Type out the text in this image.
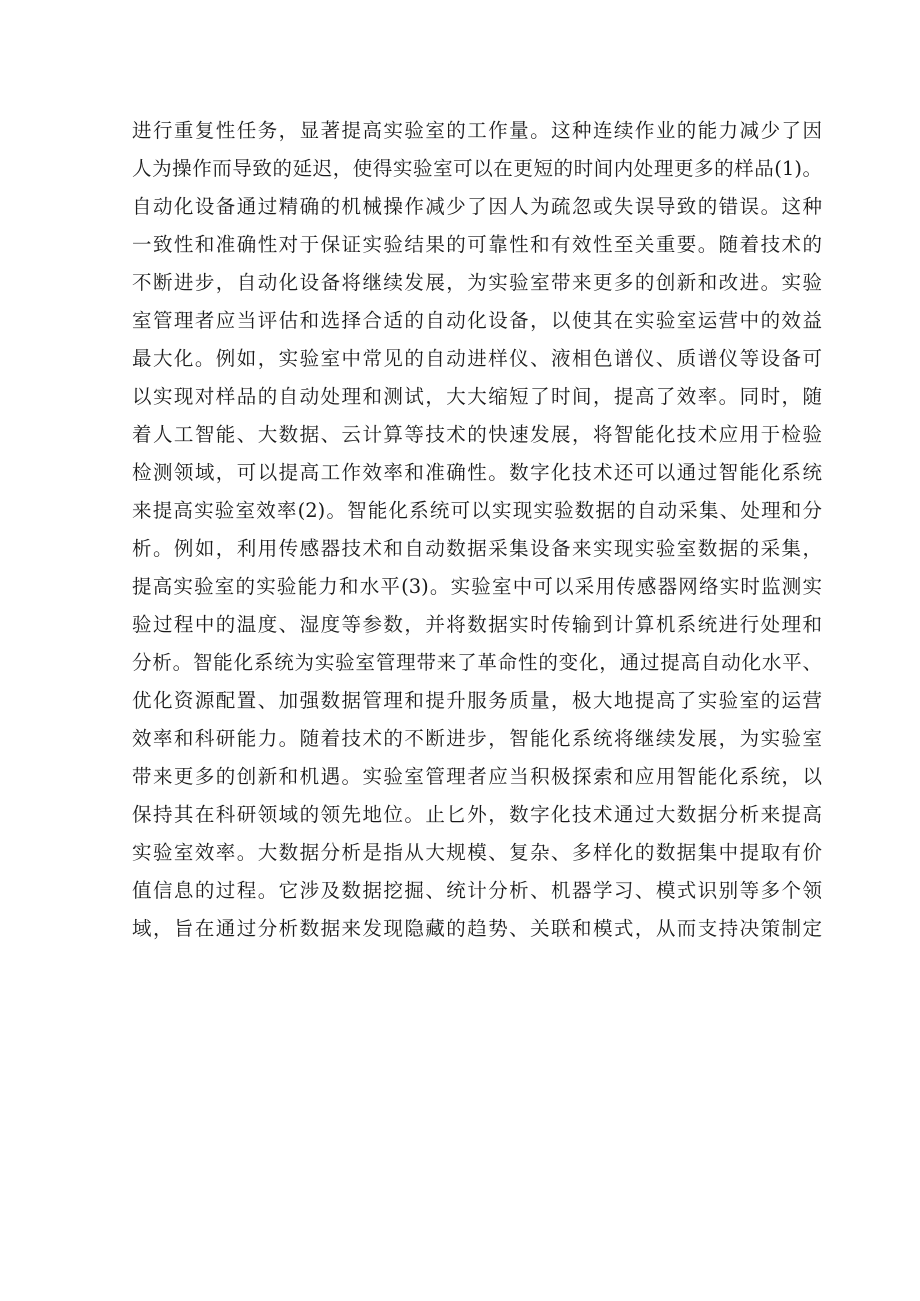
进行重复性任务，显著提高实验室的工作量。这种连续作业的能力减少了因
人为操作而导致的延迟，使得实验室可以在更短的时间内处理更多的样品(1)。
自动化设备通过精确的机械操作减少了因人为疏忽或失误导致的错误。这种
一致性和准确性对于保证实验结果的可靠性和有效性至关重要。随着技术的
不断进步，自动化设备将继续发展，为实验室带来更多的创新和改进。实验
室管理者应当评估和选择合适的自动化设备，以使其在实验室运营中的效益
最大化。例如，实验室中常见的自动进样仪、液相色谱仪、质谱仪等设备可
以实现对样品的自动处理和测试，大大缩短了时间，提高了效率。同时，随
着人工智能、大数据、云计算等技术的快速发展，将智能化技术应用于检验
检测领域，可以提高工作效率和准确性。数字化技术还可以通过智能化系统
来提高实验室效率(2)。智能化系统可以实现实验数据的自动采集、处理和分
析。例如，利用传感器技术和自动数据采集设备来实现实验室数据的采集，
提高实验室的实验能力和水平(3)。实验室中可以采用传感器网络实时监测实
验过程中的温度、湿度等参数，并将数据实时传输到计算机系统进行处理和
分析。智能化系统为实验室管理带来了革命性的变化，通过提高自动化水平、
优化资源配置、加强数据管理和提升服务质量，极大地提高了实验室的运营
效率和科研能力。随着技术的不断进步，智能化系统将继续发展，为实验室
带来更多的创新和机遇。实验室管理者应当积极探索和应用智能化系统，以
保持其在科研领域的领先地位。止匕外，数字化技术通过大数据分析来提高
实验室效率。大数据分析是指从大规模、复杂、多样化的数据集中提取有价
值信息的过程。它涉及数据挖掘、统计分析、机器学习、模式识别等多个领
域，旨在通过分析数据来发现隐藏的趋势、关联和模式，从而支持决策制定
